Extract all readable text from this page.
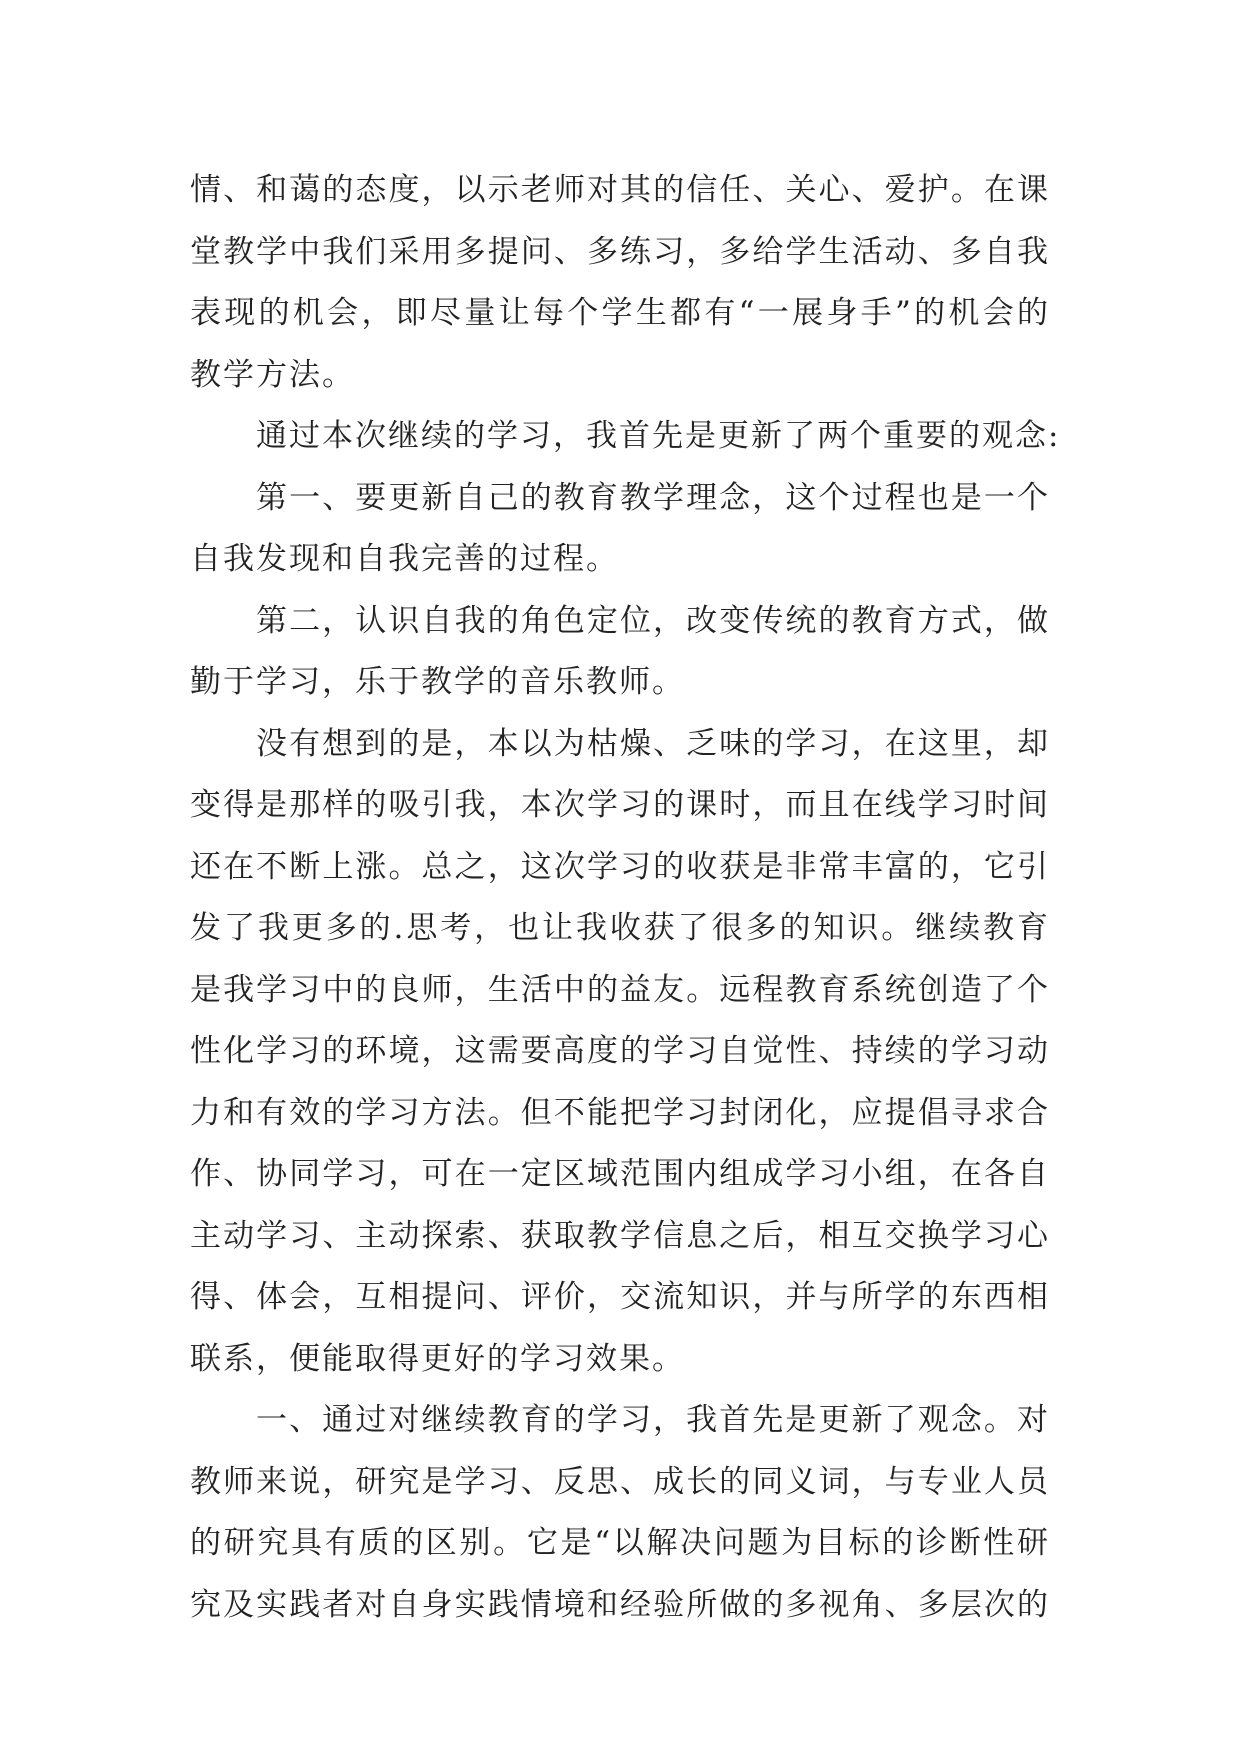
情、和蔼的态度，以示老师对其的信任、关心、爱护。在课
堂教学中我们采用多提问、多练习，多给学生活动、多自我
表现的机会，即尽量让每个学生都有“一展身手”的机会的
教学方法。
通过本次继续的学习，我首先是更新了两个重要的观念:
第一、要更新自己的教育教学理念，这个过程也是一个
自我发现和自我完善的过程。
第二，认识自我的角色定位，改变传统的教育方式，做
勤于学习，乐于教学的音乐教师。
没有想到的是，本以为枯燥、乏味的学习，在这里，却
变得是那样的吸引我，本次学习的课时，而且在线学习时间
还在不断上涨。总之，这次学习的收获是非常丰富的，它引
发了我更多的.思考，也让我收获了很多的知识。继续教育
是我学习中的良师，生活中的益友。远程教育系统创造了个
性化学习的环境，这需要高度的学习自觉性、持续的学习动
力和有效的学习方法。但不能把学习封闭化，应提倡寻求合
作、协同学习，可在一定区域范围内组成学习小组，在各自
主动学习、主动探索、获取教学信息之后，相互交换学习心
得、体会，互相提问、评价，交流知识，并与所学的东西相
联系，便能取得更好的学习效果。
一、通过对继续教育的学习，我首先是更新了观念。对
教师来说，研究是学习、反思、成长的同义词，与专业人员
的研究具有质的区别。它是“以解决问题为目标的诊断性研
究及实践者对自身实践情境和经验所做的多视角、多层次的
